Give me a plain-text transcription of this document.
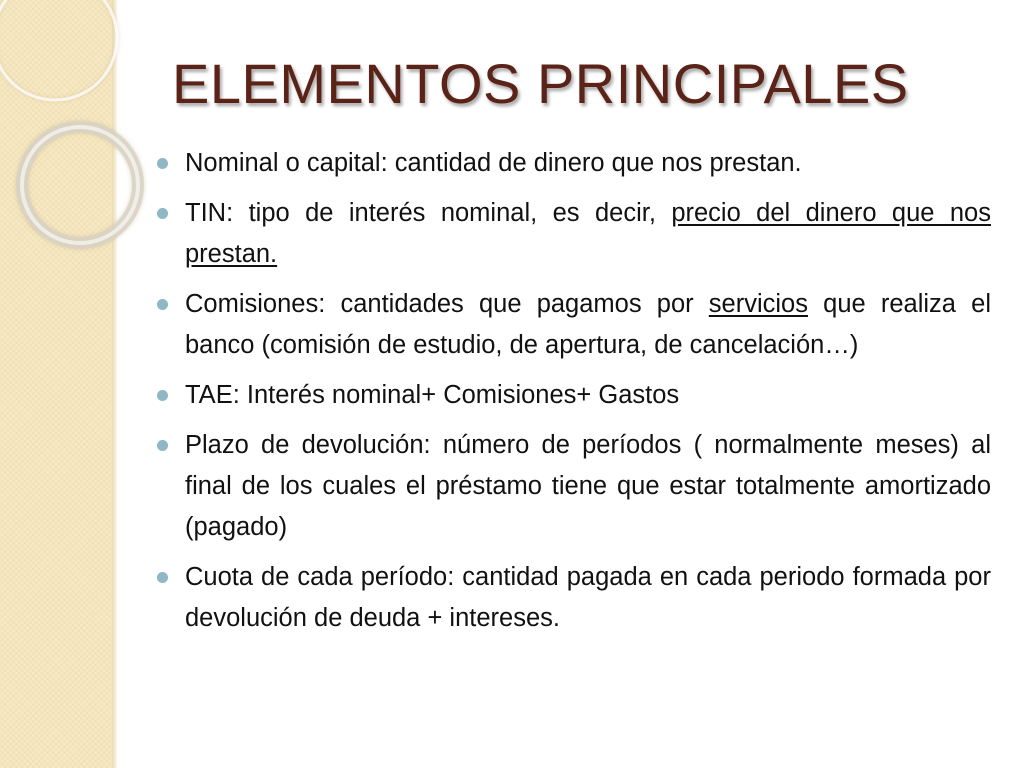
ELEMENTOS PRINCIPALES
Nominal o capital: cantidad de dinero que nos prestan.
TIN: tipo de interés nominal, es decir, precio del dinero que nos prestan.
Comisiones: cantidades que pagamos por servicios que realiza el banco (comisión de estudio, de apertura, de cancelación…)
TAE: Interés nominal+ Comisiones+ Gastos
Plazo de devolución: número de períodos ( normalmente meses) al final de los cuales el préstamo tiene que estar totalmente amortizado (pagado)
Cuota de cada período: cantidad pagada en cada periodo formada por devolución de deuda + intereses.
